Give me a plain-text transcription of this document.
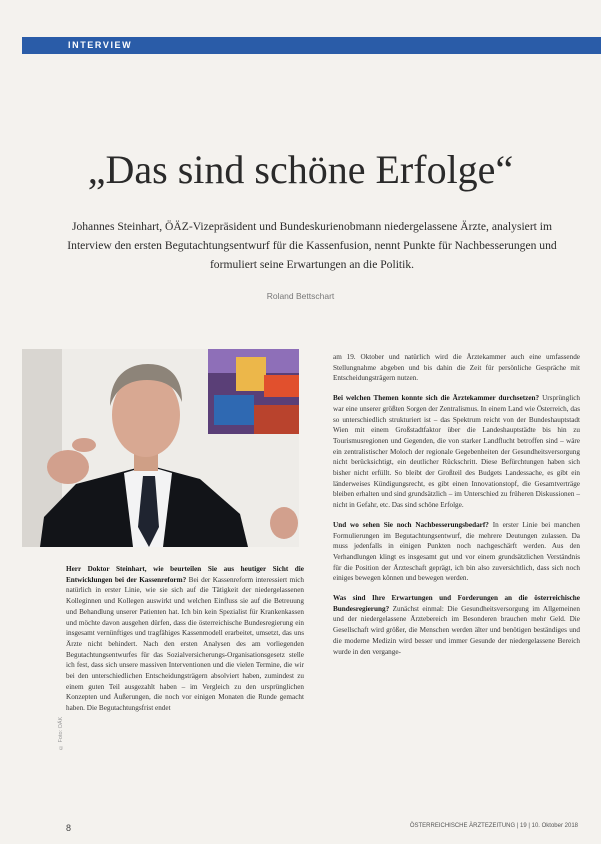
INTERVIEW
„Das sind schöne Erfolge“

Johannes Steinhart, ÖÄZ-Vizepräsident und Bundeskurienobmann niedergelassene Ärzte, analysiert im Interview den ersten Begutachtungsentwurf für die Kassenfusion, nennt Punkte für Nachbesserungen und formuliert seine Erwartungen an die Politik.

Roland Bettschart
© Foto: OÄK

Herr Doktor Steinhart, wie beurteilen Sie aus heutiger Sicht die Entwicklungen bei der Kassenreform? Bei der Kassenreform interessiert mich natürlich in erster Linie, wie sie sich auf die Tätigkeit der niedergelassenen Kolleginnen und Kollegen auswirkt und welchen Einfluss sie auf die Betreuung und Behandlung unserer Patienten hat. Ich bin kein Spezialist für Krankenkassen und möchte davon ausgehen dürfen, dass die österreichische Bundesregierung ein insgesamt vernünftiges und tragfähiges Kassenmodell erarbeitet, umsetzt, das uns Ärzte nicht behindert. Nach den ersten Analysen des am vorliegenden Begutachtungsentwurfes für das Sozialversicherungs-Organisationsgesetz stelle ich fest, dass sich unsere massiven Interventionen und die vielen Termine, die wir bei den unterschiedlichen Entscheidungsträgern absolviert haben, zumindest zu einem guten Teil ausgezahlt haben – im Vergleich zu den ursprünglichen Konzepten und Äußerungen, die noch vor einigen Monaten die Runde gemacht haben. Die Begutachtungsfrist endet

am 19. Oktober und natürlich wird die Ärztekammer auch eine umfassende Stellungnahme abgeben und bis dahin die Zeit für persönliche Gespräche mit Entscheidungsträgern nutzen.

Bei welchen Themen konnte sich die Ärztekammer durchsetzen? Ursprünglich war eine unserer größten Sorgen der Zentralismus. In einem Land wie Österreich, das so unterschiedlich strukturiert ist – das Spektrum reicht von der Bundeshauptstadt Wien mit einem Großstadtfaktor über die Landeshauptstädte bis hin zu Tourismusregionen und Gegenden, die von starker Landflucht betroffen sind – wäre ein zentralistischer Moloch der regionale Gegebenheiten der Gesundheitsversorgung nicht berücksichtigt, ein deutlicher Rückschritt. Diese Befürchtungen haben sich bisher nicht erfüllt. So bleibt der Großteil des Budgets Landessache, es gibt ein länderweises Kündigungsrecht, es gibt einen Innovationstopf, die Gesamtverträge bleiben erhalten und sind grundsätzlich – im Unterschied zu früheren Diskussionen – nicht in Gefahr, etc. Das sind schöne Erfolge.

Und wo sehen Sie noch Nachbesserungsbedarf? In erster Linie bei manchen Formulierungen im Begutachtungsentwurf, die mehrere Deutungen zulassen. Da muss jedenfalls in einigen Punkten noch nachgeschärft werden. Aus den Verhandlungen klingt es insgesamt gut und vor einem grundsätzlichen Verständnis für die Position der Ärzteschaft geprägt, ich bin also zuversichtlich, dass sich noch einiges bewegen können und bewegen werden.

Was sind Ihre Erwartungen und Forderungen an die österreichische Bundesregierung? Zunächst einmal: Die Gesundheitsversorgung im Allgemeinen und der niedergelassene Ärztebereich im Besonderen brauchen mehr Geld. Die Gesellschaft wird größer, die Menschen werden älter und benötigen beständiges und die moderne Medizin wird besser und immer Gesunde der niedergelassene Bereich wurde in den vergange-

8	ÖSTERREICHISCHE ÄRZTEZEITUNG | 19 | 10. Oktober 2018
